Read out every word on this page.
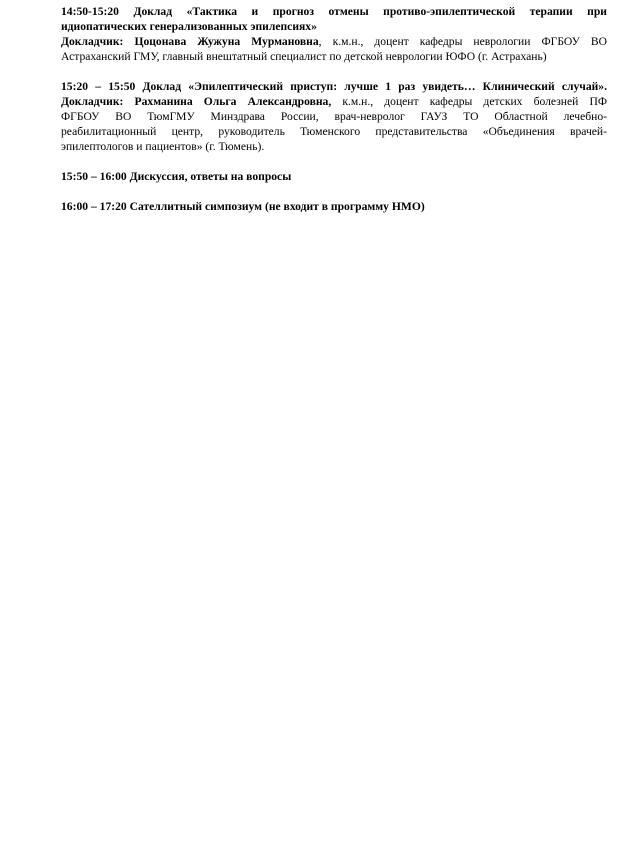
14:50-15:20 Доклад «Тактика и прогноз отмены противо-эпилептической терапии при
идиопатических генерализованных эпилепсиях»
Докладчик: Цоцонава Жужуна Мурмановна, к.м.н., доцент кафедры неврологии ФГБОУ ВО
Астраханский ГМУ, главный внештатный специалист по детской неврологии ЮФО (г. Астрахань)
15:20 – 15:50 Доклад «Эпилептический приступ: лучше 1 раз увидеть… Клинический случай».
Докладчик: Рахманина Ольга Александровна, к.м.н., доцент кафедры детских болезней ПФ
ФГБОУ ВО ТюмГМУ Минздрава России, врач-невролог ГАУЗ ТО Областной лечебно-
реабилитационный центр, руководитель Тюменского представительства «Объединения врачей-
эпилептологов и пациентов» (г. Тюмень).
15:50 – 16:00 Дискуссия, ответы на вопросы
16:00 – 17:20 Сателлитный симпозиум (не входит в программу НМО)
